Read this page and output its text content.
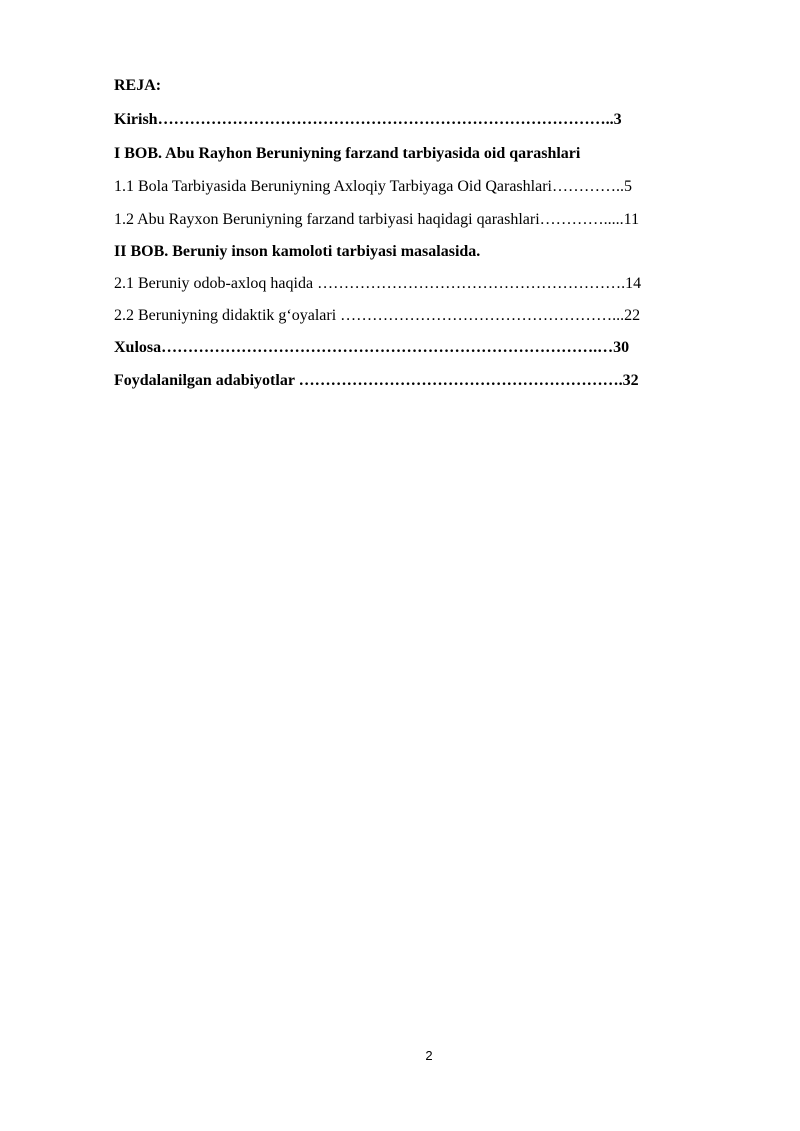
REJA:

Kirish…………………………………………………………………………..3

I BOB. Abu Rayhon Beruniyning farzand tarbiyasida oid qarashlari

1.1 Bola Tarbiyasida Beruniyning Axloqiy Tarbiyaga Oid Qarashlari…………..5

1.2 Abu Rayxon Beruniyning farzand tarbiyasi haqidagi qarashlari………….....11

II BOB. Beruniy inson kamoloti tarbiyasi masalasida.

2.1 Beruniy odob-axloq haqida ………………………………………………….14

2.2 Beruniyning didaktik g‘oyalari ……………………………………………...22

Xulosa……………………………………………………………………….…30

Foydalanilgan adabiyotlar …………………………………………………….32

2
